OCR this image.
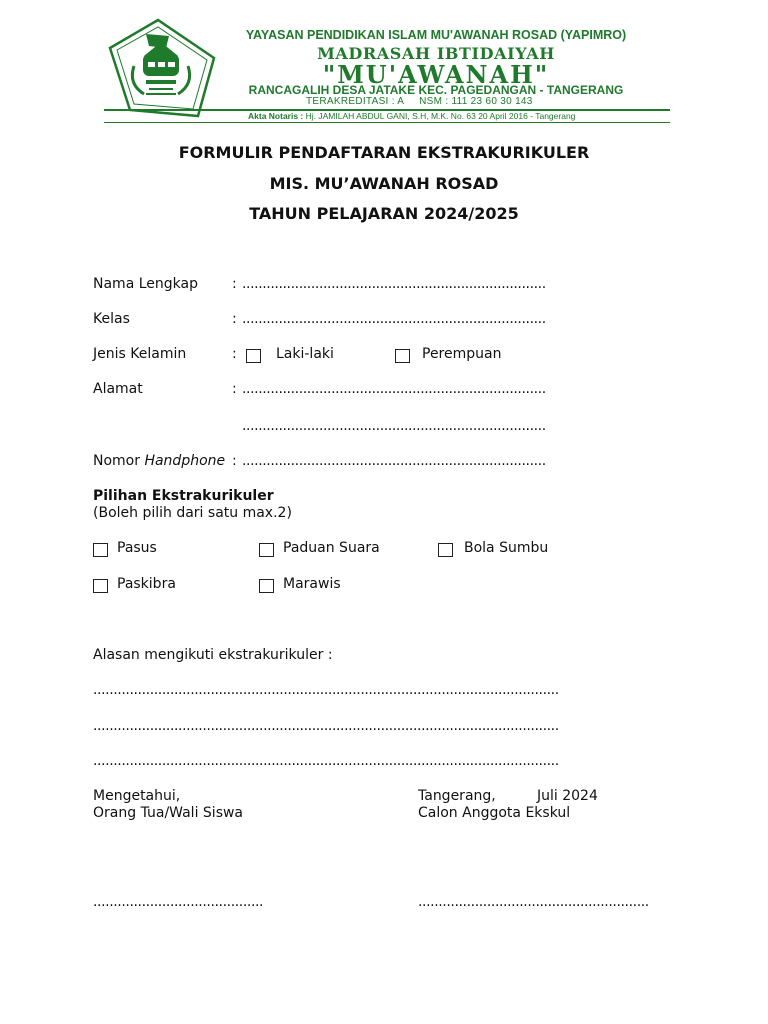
YAYASAN PENDIDIKAN ISLAM MU'AWANAH ROSAD (YAPIMRO)
MADRASAH IBTIDAIYAH
"MU'AWANAH"
RANCAGALIH DESA JATAKE KEC. PAGEDANGAN - TANGERANG
TERAKREDITASI : A NSM : 111 23 60 30 143
Akta Notaris : Hj. JAMILAH ABDUL GANI, S.H, M.K. No. 63 20 April 2016 - Tangerang
FORMULIR PENDAFTARAN EKSTRAKURIKULER
MIS. MU’AWANAH ROSAD
TAHUN PELAJARAN 2024/2025
Nama Lengkap : ...........................................................................
Kelas	: ...........................................................................
Jenis Kelamin	:	Laki-laki	Perempuan
Alamat	: ...........................................................................
...........................................................................
Nomor Handphone : ...........................................................................
Pilihan Ekstrakurikuler
(Boleh pilih dari satu max.2)
Pasus	Paduan Suara	Bola Sumbu
Paskibra	Marawis
Alasan mengikuti ekstrakurikuler :
...................................................................................................................
...................................................................................................................
...................................................................................................................
Mengetahui,
Orang Tua/Wali Siswa
Tangerang,	Juli 2024
Calon Anggota Ekskul
..........................................	.........................................................
